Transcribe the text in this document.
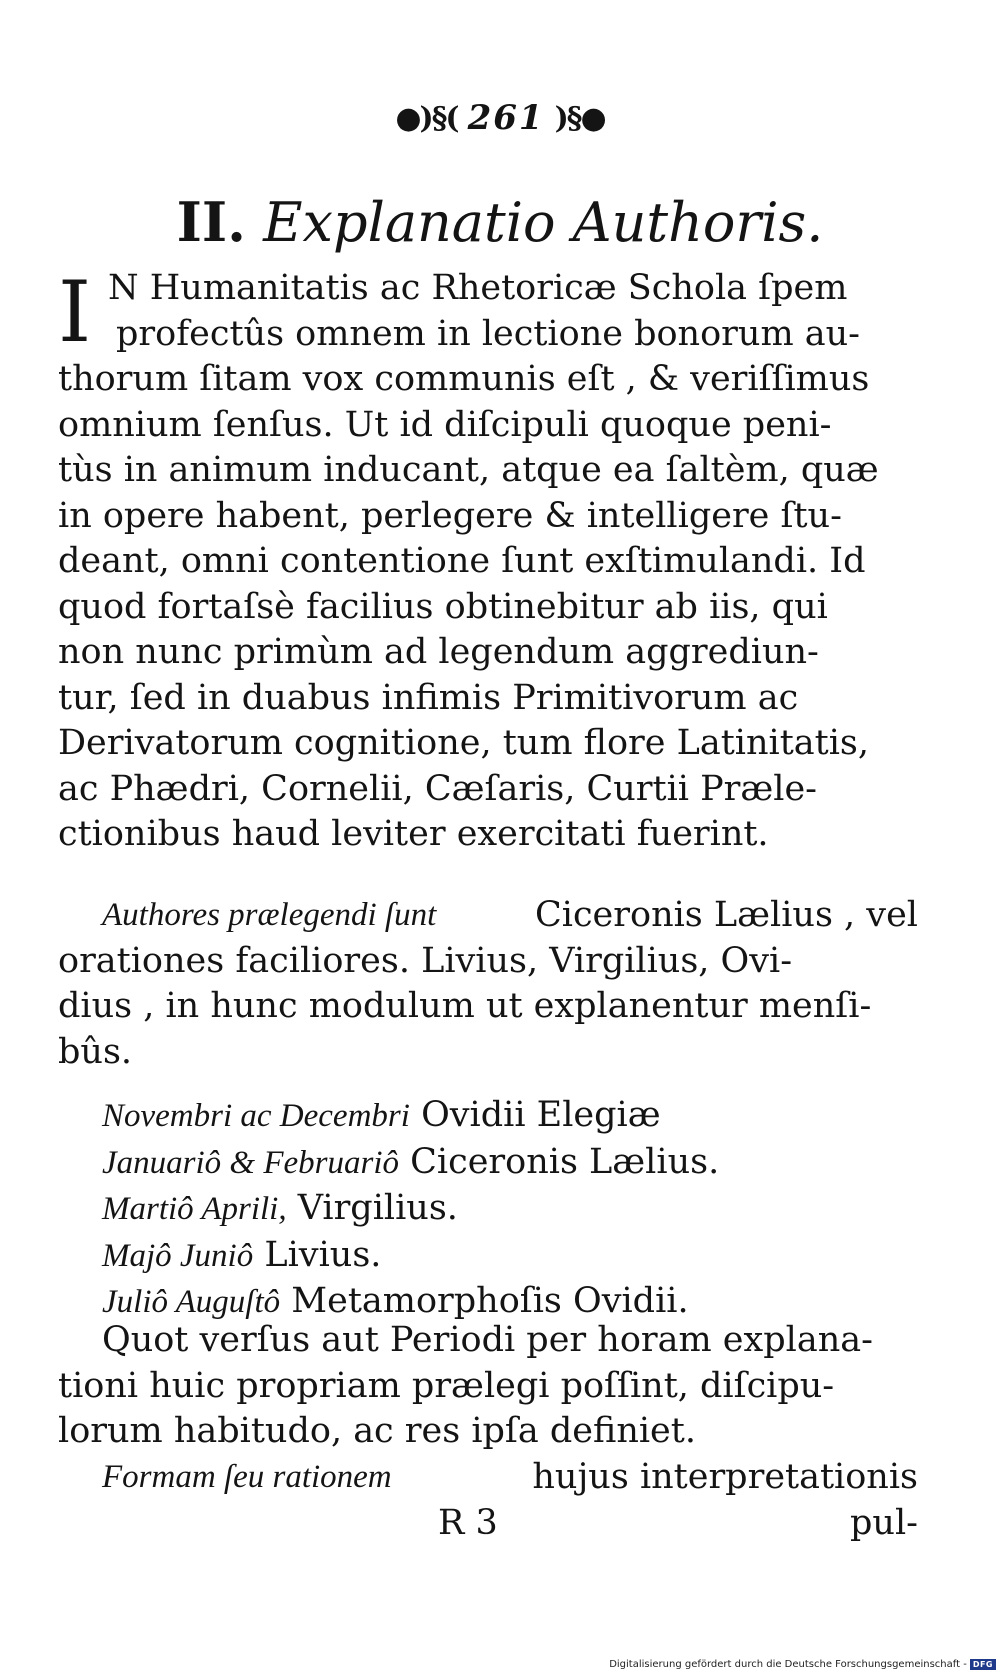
●)§( 261 )§●
II. Explanatio Authoris.
I N Humanitatis ac Rhetoricæ Schola ſpem
profectûs omnem in lectione bonorum au-
thorum ſitam vox communis eſt , & veriſſimus
omnium ſenſus. Ut id diſcipuli quoque peni-
tùs in animum inducant, atque ea ſaltèm, quæ
in opere habent, perlegere & intelligere ſtu-
deant, omni contentione ſunt exſtimulandi. Id
quod fortaſsè facilius obtinebitur ab iis, qui
non nunc primùm ad legendum aggrediun-
tur, ſed in duabus infimis Primitivorum ac
Derivatorum cognitione, tum flore Latinitatis,
ac Phædri, Cornelii, Cæſaris, Curtii Præle-
ctionibus haud leviter exercitati fuerint.
Authores prælegendi ſunt	Ciceronis Lælius , vel
orationes faciliores. Livius, Virgilius, Ovi-
dius , in hunc modulum ut explanentur menſi-
bûs.
Novembri ac Decembri Ovidii Elegiæ
Januariô & Februariô Ciceronis Lælius.
Martiô Aprili, Virgilius.
Majô Juniô Livius.
Juliô Auguſtô Metamorphoſis Ovidii.
Quot verſus aut Periodi per horam explana-
tioni huic propriam prælegi poſſint, diſcipu-
lorum habitudo, ac res ipſa definiet.
Formam ſeu rationem	hujus interpretationis
R 3	pul-
Digitalisierung gefördert durch die Deutsche Forschungsgemeinschaft - DFG
